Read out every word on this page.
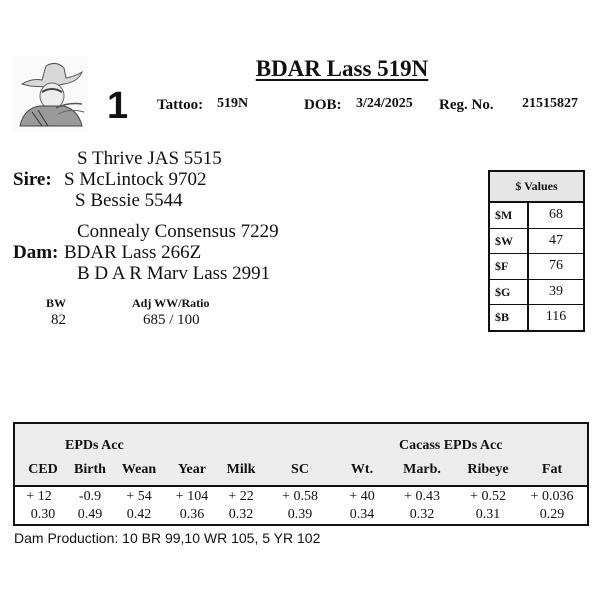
1
BDAR Lass 519N
Tattoo: 519N	DOB: 3/24/2025 Reg. No. 21515827
S Thrive JAS 5515
Sire: S McLintock 9702
S Bessie 5544
Connealy Consensus 7229
Dam: BDAR Lass 266Z
B D A R Marv Lass 2991
BW
82
Adj WW/Ratio
685 / 100
$ Values
$M	68
$W	47
$F	76
$G	39
$B	116
EPDs Acc	Cacass EPDs Acc
CED	Birth	Wean	Year	Milk	SC	Wt.	Marb.	Ribeye	Fat
+ 12	-0.9	+ 54	+ 104	+ 22	+ 0.58	+ 40	+ 0.43	+ 0.52	+ 0.036
0.30	0.49	0.42	0.36	0.32	0.39	0.34	0.32	0.31	0.29
Dam Production: 10 BR 99,10 WR 105, 5 YR 102
